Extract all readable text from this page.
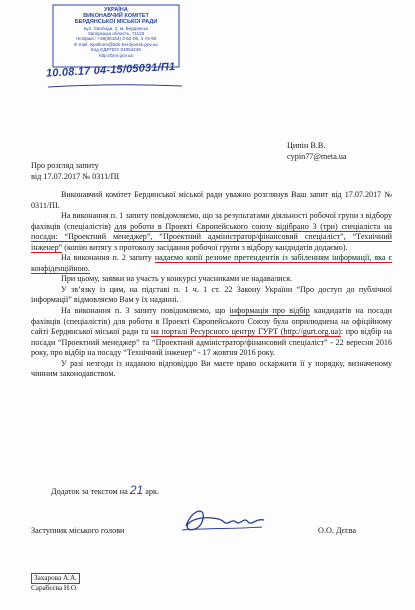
УКРАЇНА
ВИКОНАВЧИЙ КОМІТЕТ
БЕРДЯНСЬКОЇ МІСЬКОЇ РАДИ
вул. Свободи, 2, м. Бердянськ
Запорізька область, 71118
тел/факс: +38(06153) 3-52-06, 4-72-90
E-mail: ispolkom@bdn-berdyansk.gov.ua
Код ЄДРПОУ 04054245
http://bmr.gov.ua
10.08.17 04-15/05031/П1
Ципін В.В.
cypin77@meta.ua
Про розгляд запиту
від 17.07.2017 № 0311/ПІ

Виконавчий комітет Бердянської міської ради уважно розглянув Ваш запит від 17.07.2017 № 0311/ПІ.

На виконання п. 1 запиту повідомляємо, що за результатами діяльності робочої групи з відбору фахівців (спеціалістів) для роботи в Проекті Європейського союзу відібрано 3 (три) спеціаліста на посади: “Проектний менеджер”, “Проектний адміністратор/фінансовий спеціаліст”, “Технічний інженер” (копію витягу з протоколу засідання робочої групи з відбору кандидатів додаємо).

На виконання п. 2 запиту надаємо копії резюме претендентів із забіленням інформації, яка є конфіденційною.

При цьому, заявки на участь у конкурсі учасниками не надавалися.

У зв’язку із цим, на підставі п. 1 ч. 1 ст. 22 Закону України “Про доступ до публічної інформації” відмовляємо Вам у їх наданні.

На виконання п. 3 запиту повідомляємо, що інформація про відбір кандидатів на посади фахівців (спеціалістів) для роботи в Проекті Європейського Союзу була оприлюднена на офіційному сайті Бердянської міської ради та на порталі Ресурсного центру ГУРТ (http://gurt.org.ua): про відбір на посади “Проектний менеджер” та “Проектний адміністратор/фінансовий спеціаліст” - 22 вересня 2016 року, про відбір на посаду “Технічний інженер” - 17 жовтня 2016 року.

У разі незгоди із наданою відповіддю Ви маєте право оскаржити її у порядку, визначеному чинним законодавством.

Додаток за текстом на 21 арк.
Заступник міського голови	О.О. Дєєва
Захарова А.А.
Сарабєєва Н.О.
